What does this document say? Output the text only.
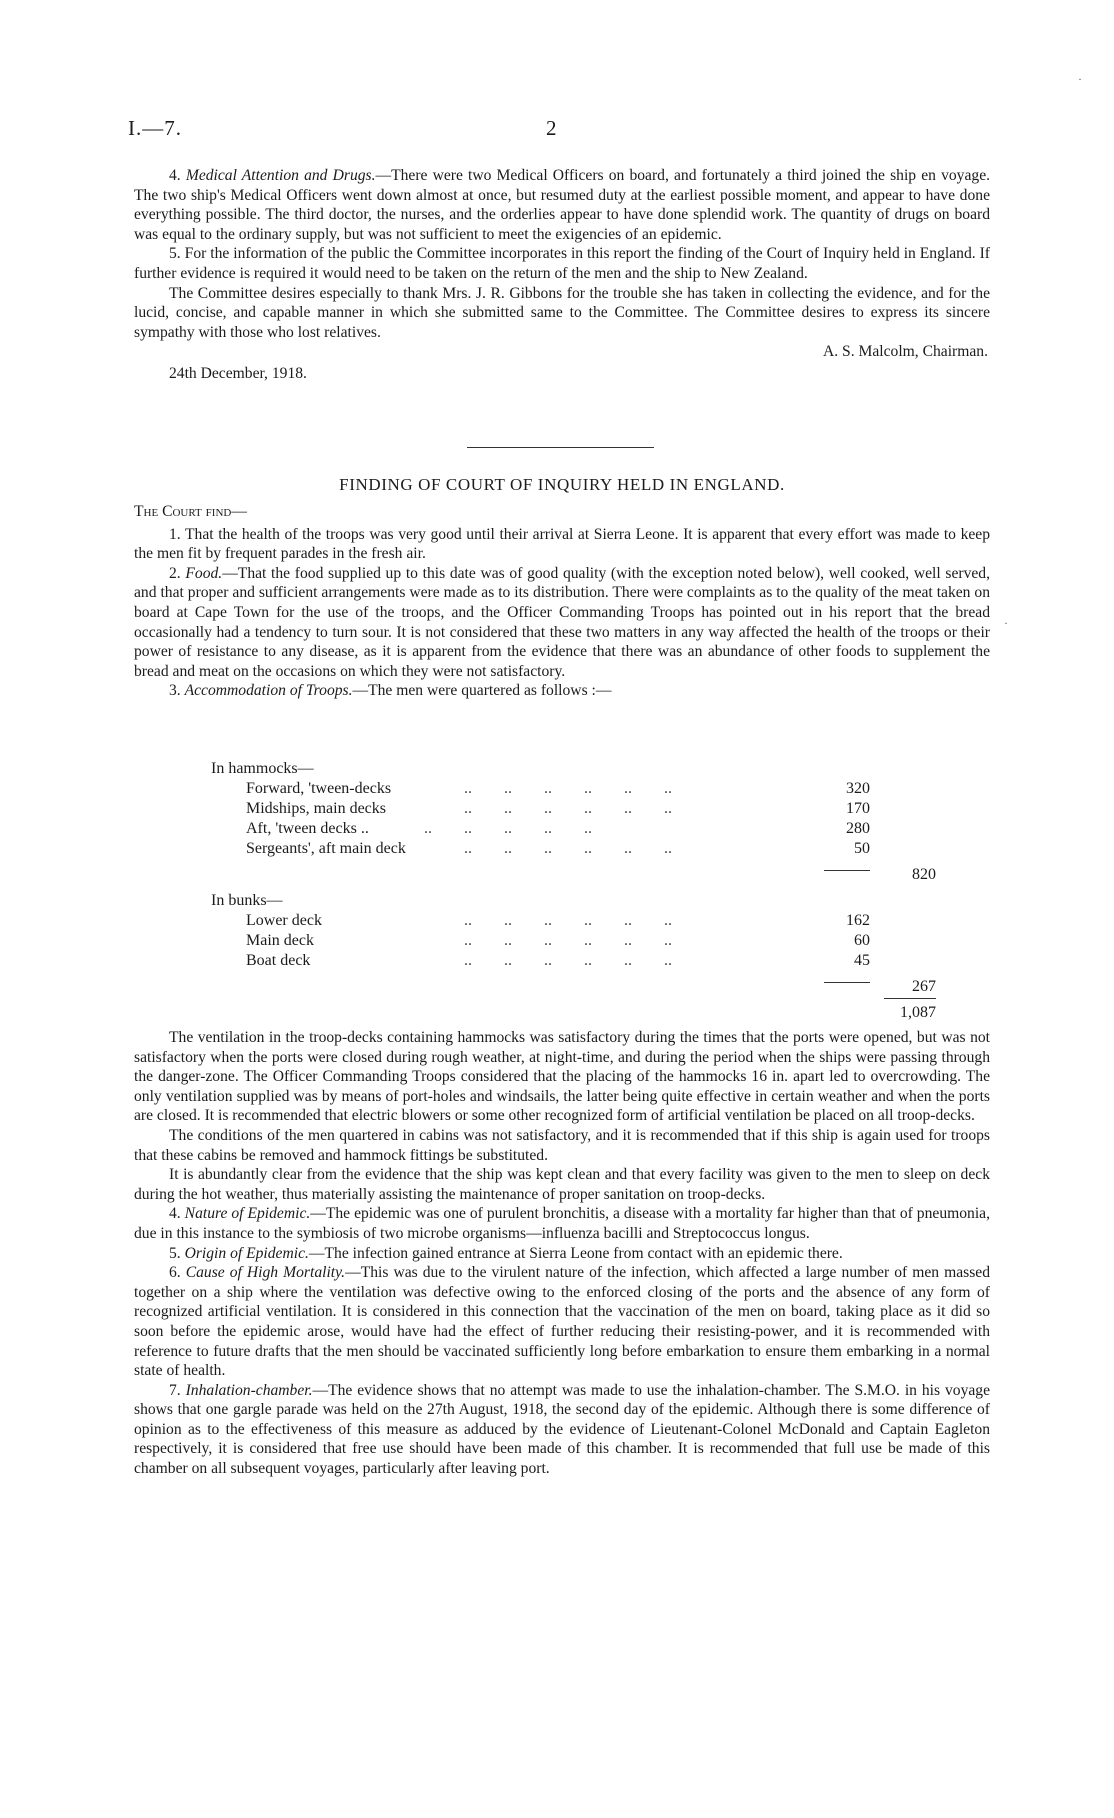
I.—7.	2

4. Medical Attention and Drugs.—There were two Medical Officers on board, and fortunately a third joined the ship en voyage. The two ship's Medical Officers went down almost at once, but resumed duty at the earliest possible moment, and appear to have done everything possible. The third doctor, the nurses, and the orderlies appear to have done splendid work. The quantity of drugs on board was equal to the ordinary supply, but was not sufficient to meet the exigencies of an epidemic.

5. For the information of the public the Committee incorporates in this report the finding of the Court of Inquiry held in England. If further evidence is required it would need to be taken on the return of the men and the ship to New Zealand.

The Committee desires especially to thank Mrs. J. R. Gibbons for the trouble she has taken in collecting the evidence, and for the lucid, concise, and capable manner in which she submitted same to the Committee. The Committee desires to express its sincere sympathy with those who lost relatives.

A. S. Malcolm, Chairman.
24th December, 1918.
FINDING OF COURT OF INQUIRY HELD IN ENGLAND.
The Court find—

1. That the health of the troops was very good until their arrival at Sierra Leone. It is apparent that every effort was made to keep the men fit by frequent parades in the fresh air.

2. Food.—That the food supplied up to this date was of good quality (with the exception noted below), well cooked, well served, and that proper and sufficient arrangements were made as to its distribution. There were complaints as to the quality of the meat taken on board at Cape Town for the use of the troops, and the Officer Commanding Troops has pointed out in his report that the bread occasionally had a tendency to turn sour. It is not considered that these two matters in any way affected the health of the troops or their power of resistance to any disease, as it is apparent from the evidence that there was an abundance of other foods to supplement the bread and meat on the occasions on which they were not satisfactory.

3. Accommodation of Troops.—The men were quartered as follows :—

In hammocks—
Forward, 'tween-decks	..        ..        ..        ..        ..        ..	320
Midships, main decks	..        ..        ..        ..        ..        ..	170
Aft, 'tween decks .. ..        ..        ..        ..        ..	280
Sergeants', aft main deck	..        ..        ..        ..        ..        ..	50
820
In bunks—
Lower deck	..        ..        ..        ..        ..        ..	162
Main deck	..        ..        ..        ..        ..        ..	60
Boat deck	..        ..        ..        ..        ..        ..	45
267
1,087

The ventilation in the troop-decks containing hammocks was satisfactory during the times that the ports were opened, but was not satisfactory when the ports were closed during rough weather, at night-time, and during the period when the ships were passing through the danger-zone. The Officer Commanding Troops considered that the placing of the hammocks 16 in. apart led to overcrowding. The only ventilation supplied was by means of port-holes and windsails, the latter being quite effective in certain weather and when the ports are closed. It is recommended that electric blowers or some other recognized form of artificial ventilation be placed on all troop-decks.

The conditions of the men quartered in cabins was not satisfactory, and it is recommended that if this ship is again used for troops that these cabins be removed and hammock fittings be substituted.

It is abundantly clear from the evidence that the ship was kept clean and that every facility was given to the men to sleep on deck during the hot weather, thus materially assisting the maintenance of proper sanitation on troop-decks.

4. Nature of Epidemic.—The epidemic was one of purulent bronchitis, a disease with a mortality far higher than that of pneumonia, due in this instance to the symbiosis of two microbe organisms—influenza bacilli and Streptococcus longus.

5. Origin of Epidemic.—The infection gained entrance at Sierra Leone from contact with an epidemic there.

6. Cause of High Mortality.—This was due to the virulent nature of the infection, which affected a large number of men massed together on a ship where the ventilation was defective owing to the enforced closing of the ports and the absence of any form of recognized artificial ventilation. It is considered in this connection that the vaccination of the men on board, taking place as it did so soon before the epidemic arose, would have had the effect of further reducing their resisting-power, and it is recommended with reference to future drafts that the men should be vaccinated sufficiently long before embarkation to ensure them embarking in a normal state of health.

7. Inhalation-chamber.—The evidence shows that no attempt was made to use the inhalation-chamber. The S.M.O. in his voyage shows that one gargle parade was held on the 27th August, 1918, the second day of the epidemic. Although there is some difference of opinion as to the effectiveness of this measure as adduced by the evidence of Lieutenant-Colonel McDonald and Captain Eagleton respectively, it is considered that free use should have been made of this chamber. It is recommended that full use be made of this chamber on all subsequent voyages, particularly after leaving port.

·
·
